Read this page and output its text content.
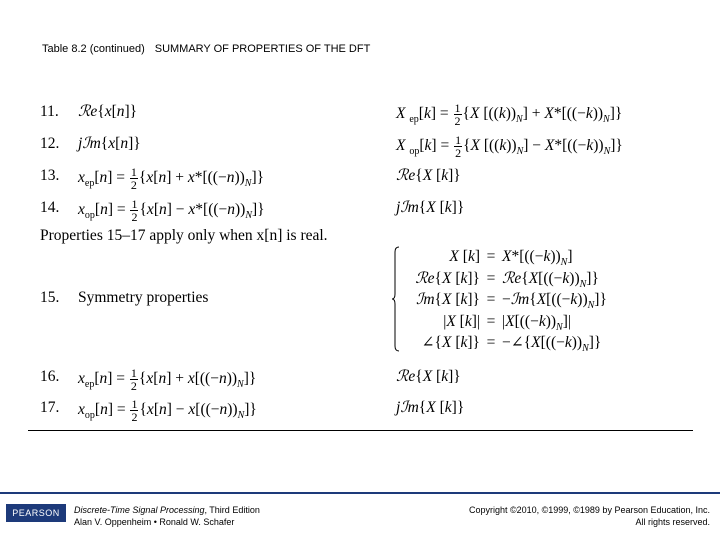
Table 8.2 (continued) SUMMARY OF PROPERTIES OF THE DFT
11.	ℛe{x[n]}	X $_{ep}[k] = \frac{1}{2} \{X$ $[((k))_N] + X*[((-k))_N]$}
12.	jℐm{x[n]}	X $_{op}[k] = \frac{1}{2} \{X$ $[((k))_N] - X*[((-k))_N]$}
13.	$x_{ep}[n] = \frac{1}{2} \{x[n] + x*[((-n))_N]\}$	ℛe{X [k]}
14.	$x_{op}[n] = \frac{1}{2} \{x[n] - x*[((-n))_N]\}$	jℐm{X [k]}
Properties 15–17 apply only when x[n] is real.
15.	Symmetry properties
X $[k] = X*[((-k))_N]$
ℛe{X $[k]\} = ℛe\{X[((-k))_N]\}$
ℐm{X $[k]\} = -ℐm\{X[((-k))_N]\}$
|X $[k]| = |X[((-k))_N]|$
∠{X $[k]\} = -\angle\{X[((-k))_N]\}$
16.	$x_{ep}[n] = \frac{1}{2} \{x[n] + x[((-n))_N]\}$	ℛe{X [k]}
17.	$x_{op}[n] = \frac{1}{2} \{x[n] - x[((-n))_N]\}$	jℐm{X [k]}
PEARSON	Discrete-Time Signal Processing, Third Edition
Alan V. Oppenheim • Ronald W. Schafer
Copyright ©2010, ©1999, ©1989 by Pearson Education, Inc.
All rights reserved.
